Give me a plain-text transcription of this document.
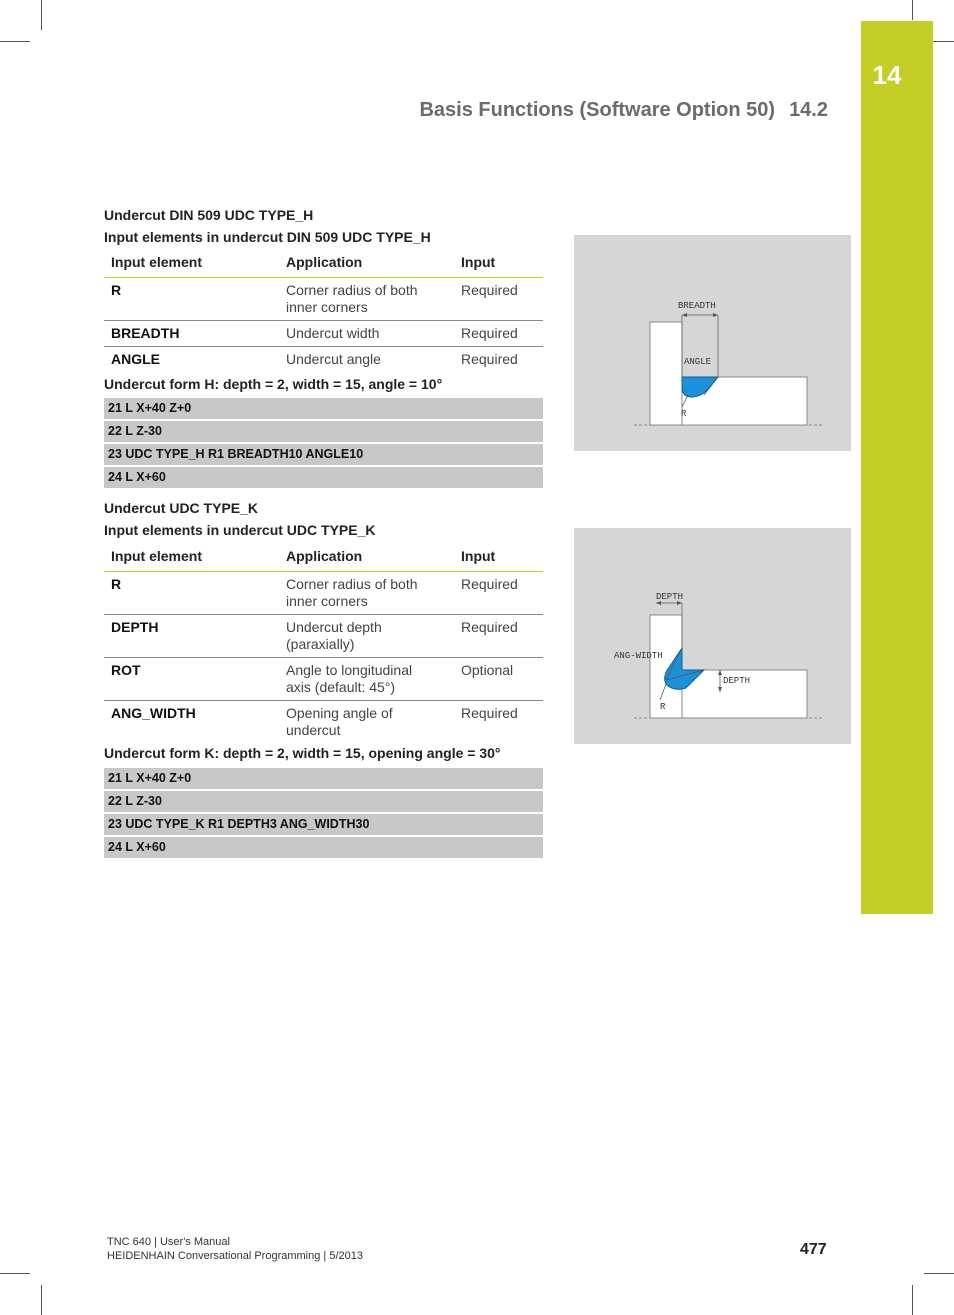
14
Basis Functions (Software Option 50) 14.2
Undercut DIN 509 UDC TYPE_H
Input elements in undercut DIN 509 UDC TYPE_H
Input element	Application	Input
R	Corner radius of both inner corners	Required
BREADTH	Undercut width	Required
ANGLE	Undercut angle	Required
Undercut form H: depth = 2, width = 15, angle = 10°
21 L X+40 Z+0
22 L Z-30
23 UDC TYPE_H R1 BREADTH10 ANGLE10
24 L X+60
BREADTH
ANGLE
R
Undercut UDC TYPE_K
Input elements in undercut UDC TYPE_K
Input element	Application	Input
R	Corner radius of both inner corners	Required
DEPTH	Undercut depth (paraxially)	Required
ROT	Angle to longitudinal axis (default: 45°)	Optional
ANG_WIDTH	Opening angle of undercut	Required
Undercut form K: depth = 2, width = 15, opening angle = 30°
21 L X+40 Z+0
22 L Z-30
23 UDC TYPE_K R1 DEPTH3 ANG_WIDTH30
24 L X+60
DEPTH
ANG-WIDTH
DEPTH
R
TNC 640 | User's Manual
HEIDENHAIN Conversational Programming | 5/2013	477
